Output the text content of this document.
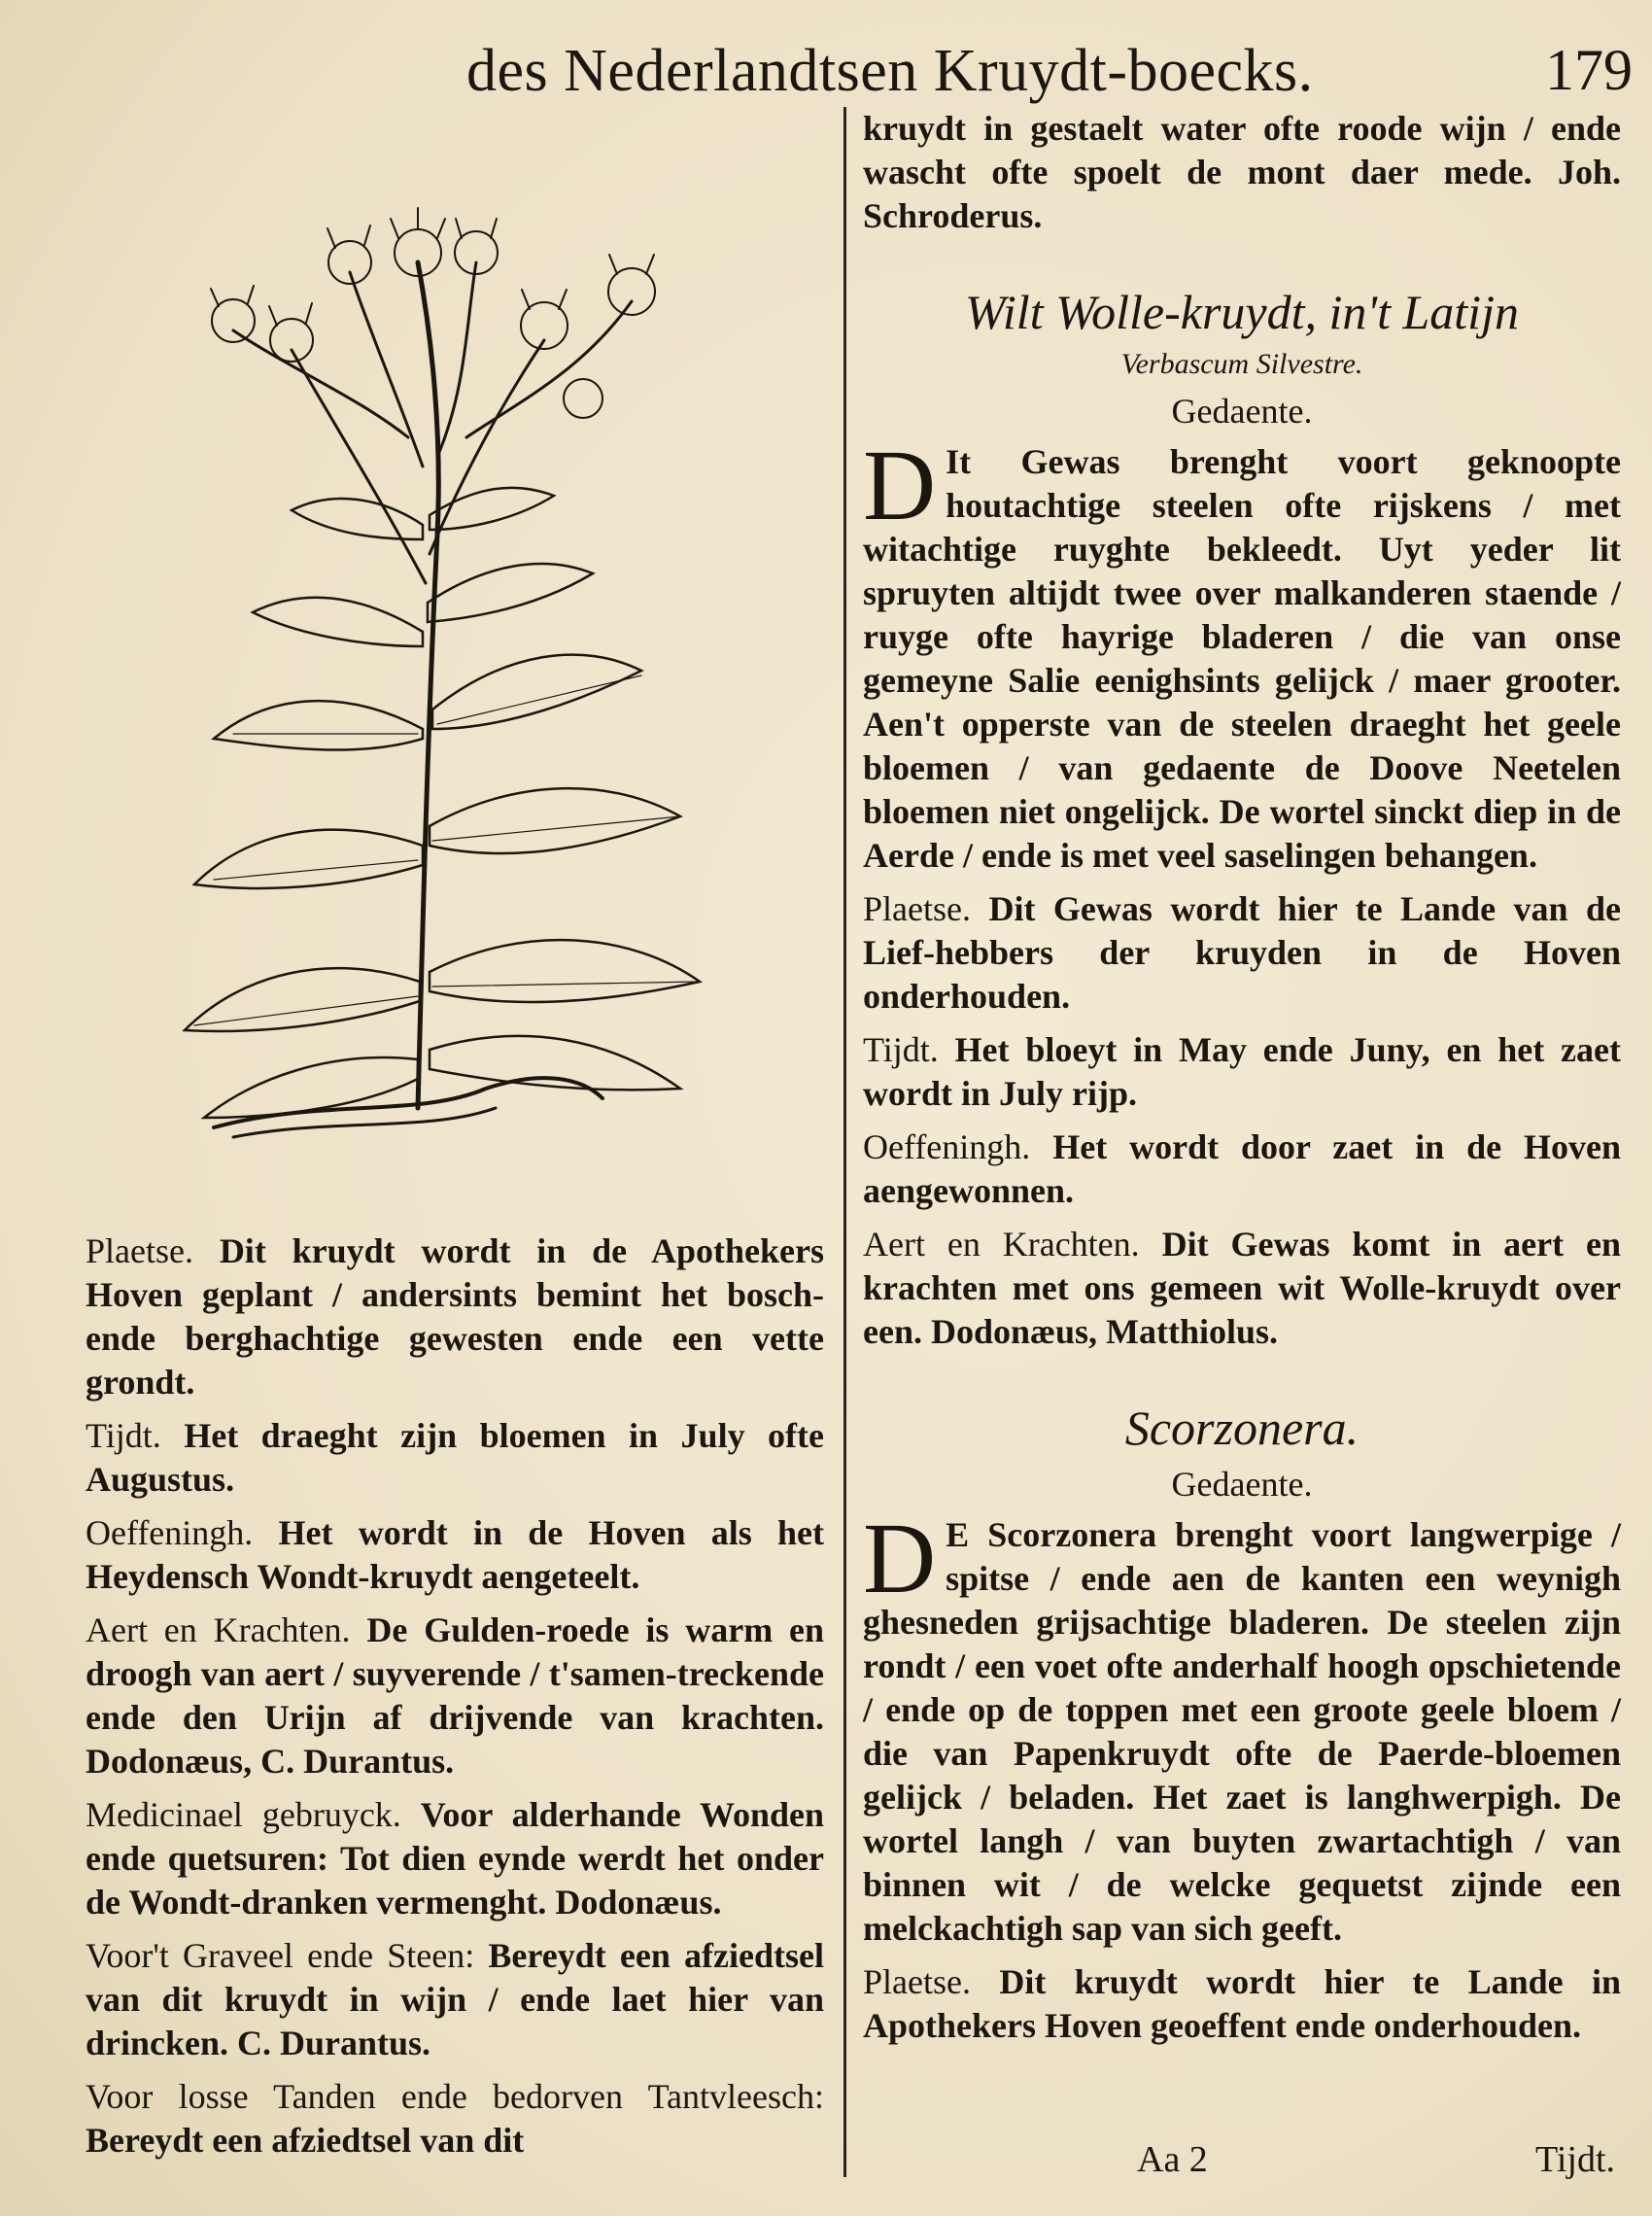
des Nederlandtsen Kruydt-boecks.	179

Plaetse. Dit kruydt wordt in de Apothekers Hoven geplant / andersints bemint het bosch- ende berghachtige gewesten ende een vette grondt.

Tijdt. Het draeght zijn bloemen in July ofte Augustus.

Oeffeningh. Het wordt in de Hoven als het Heydensch Wondt-kruydt aengeteelt.

Aert en Krachten. De Gulden-roede is warm en droogh van aert / suyverende / t'samen-treckende ende den Urijn af drijvende van krachten. Dodonæus, C. Durantus.

Medicinael gebruyck. Voor alderhande Wonden ende quetsuren: Tot dien eynde werdt het onder de Wondt-dranken vermenght. Dodonæus.

Voor't Graveel ende Steen: Bereydt een afziedtsel van dit kruydt in wijn / ende laet hier van drincken. C. Durantus.

Voor losse Tanden ende bedorven Tantvleesch: Bereydt een afziedtsel van dit

kruydt in gestaelt water ofte roode wijn / ende wascht ofte spoelt de mont daer mede. Joh. Schroderus.

Wilt Wolle-kruydt, in't Latijn
Verbascum Silvestre.
Gedaente.

D It Gewas brenght voort geknoopte houtachtige steelen ofte rijskens / met witachtige ruyghte bekleedt. Uyt yeder lit spruyten altijdt twee over malkanderen staende / ruyge ofte hayrige bladeren / die van onse gemeyne Salie eenighsints gelijck / maer grooter. Aen't opperste van de steelen draeght het geele bloemen / van gedaente de Doove Neetelen bloemen niet ongelijck. De wortel sinckt diep in de Aerde / ende is met veel saselingen behangen.

Plaetse. Dit Gewas wordt hier te Lande van de Lief-hebbers der kruyden in de Hoven onderhouden.

Tijdt. Het bloeyt in May ende Juny, en het zaet wordt in July rijp.

Oeffeningh. Het wordt door zaet in de Hoven aengewonnen.

Aert en Krachten. Dit Gewas komt in aert en krachten met ons gemeen wit Wolle-kruydt over een. Dodonæus, Matthiolus.

Scorzonera.
Gedaente.

D E Scorzonera brenght voort langwerpige / spitse / ende aen de kanten een weynigh ghesneden grijsachtige bladeren. De steelen zijn rondt / een voet ofte anderhalf hoogh opschietende / ende op de toppen met een groote geele bloem / die van Papenkruydt ofte de Paerde-bloemen gelijck / beladen. Het zaet is langhwerpigh. De wortel langh / van buyten zwartachtigh / van binnen wit / de welcke gequetst zijnde een melckachtigh sap van sich geeft.

Plaetse. Dit kruydt wordt hier te Lande in Apothekers Hoven geoeffent ende onderhouden.

Aa 2	Tijdt.
